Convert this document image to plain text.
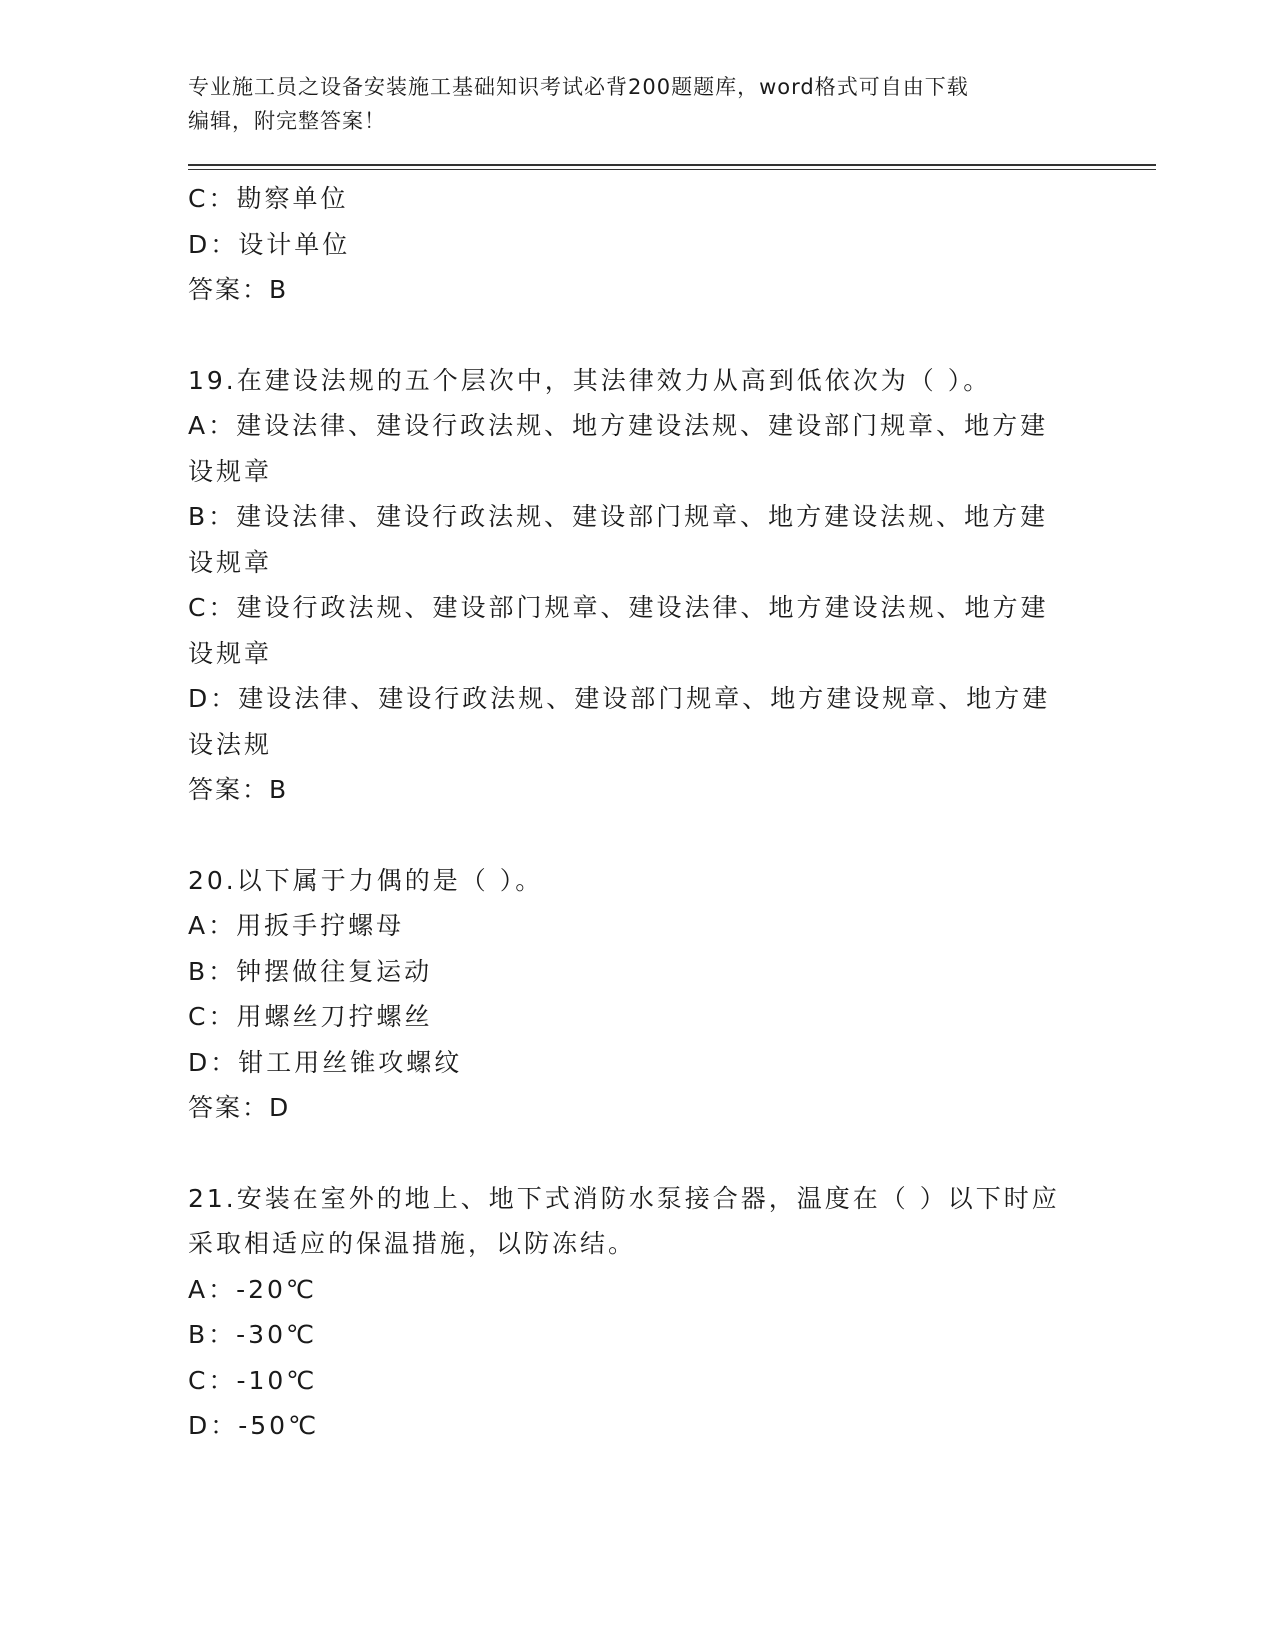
专业施工员之设备安装施工基础知识考试必背200题题库，word格式可自由下载

编辑，附完整答案！

C：勘察单位

D：设计单位

答案：B

19.在建设法规的五个层次中，其法律效力从高到低依次为（ ）。

A：建设法律、建设行政法规、地方建设法规、建设部门规章、地方建设规章

B：建设法律、建设行政法规、建设部门规章、地方建设法规、地方建设规章

C：建设行政法规、建设部门规章、建设法律、地方建设法规、地方建设规章

D：建设法律、建设行政法规、建设部门规章、地方建设规章、地方建设法规

答案：B

20.以下属于力偶的是（ ）。

A：用扳手拧螺母

B：钟摆做往复运动

C：用螺丝刀拧螺丝

D：钳工用丝锥攻螺纹

答案：D

21.安装在室外的地上、地下式消防水泵接合器，温度在（ ）以下时应采取相适应的保温措施，以防冻结。

A：-20℃

B：-30℃

C：-10℃

D：-50℃
